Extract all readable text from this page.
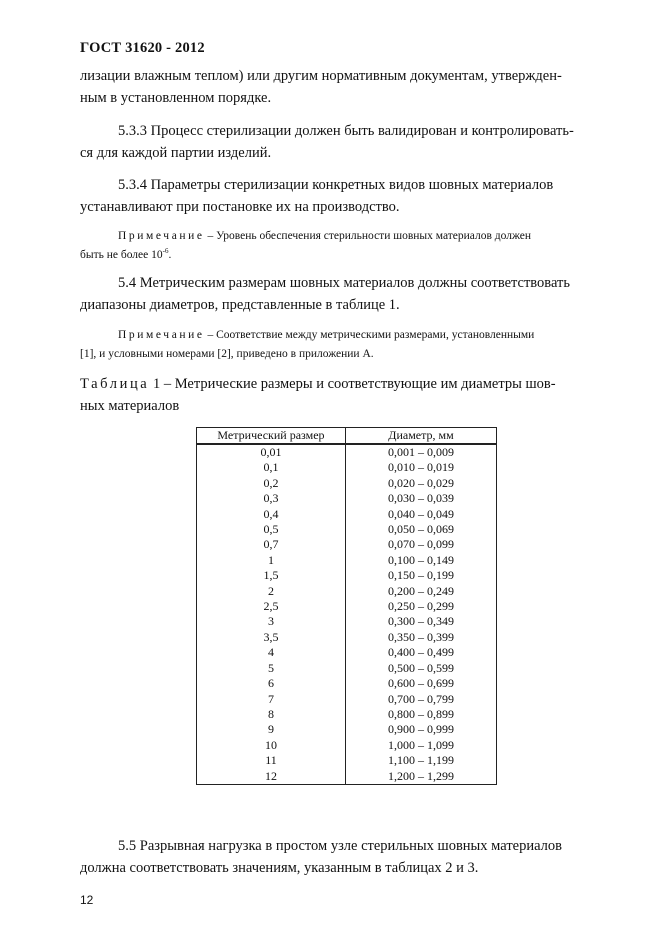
ГОСТ 31620 - 2012
лизации влажным теплом) или другим нормативным документам, утвержден-
ным в установленном порядке.
5.3.3 Процесс стерилизации должен быть валидирован и контролировать-
ся для каждой партии изделий.
5.3.4 Параметры стерилизации конкретных видов шовных материалов
устанавливают при постановке их на производство.
Примечание – Уровень обеспечения стерильности шовных материалов должен
быть не более $10^{-6}$.
5.4 Метрическим размерам шовных материалов должны соответствовать
диапазоны диаметров, представленные в таблице 1.
Примечание – Соответствие между метрическими размерами, установленными
[1], и условными номерами [2], приведено в приложении А.
Таблица 1 – Метрические размеры и соответствующие им диаметры шов-
ных материалов
Метрический размер	Диаметр, мм
0,01	0,001 – 0,009
0,1	0,010 – 0,019
0,2	0,020 – 0,029
0,3	0,030 – 0,039
0,4	0,040 – 0,049
0,5	0,050 – 0,069
0,7	0,070 – 0,099
1	0,100 – 0,149
1,5	0,150 – 0,199
2	0,200 – 0,249
2,5	0,250 – 0,299
3	0,300 – 0,349
3,5	0,350 – 0,399
4	0,400 – 0,499
5	0,500 – 0,599
6	0,600 – 0,699
7	0,700 – 0,799
8	0,800 – 0,899
9	0,900 – 0,999
10	1,000 – 1,099
11	1,100 – 1,199
12	1,200 – 1,299
5.5 Разрывная нагрузка в простом узле стерильных шовных материалов
должна соответствовать значениям, указанным в таблицах 2 и 3.
12
